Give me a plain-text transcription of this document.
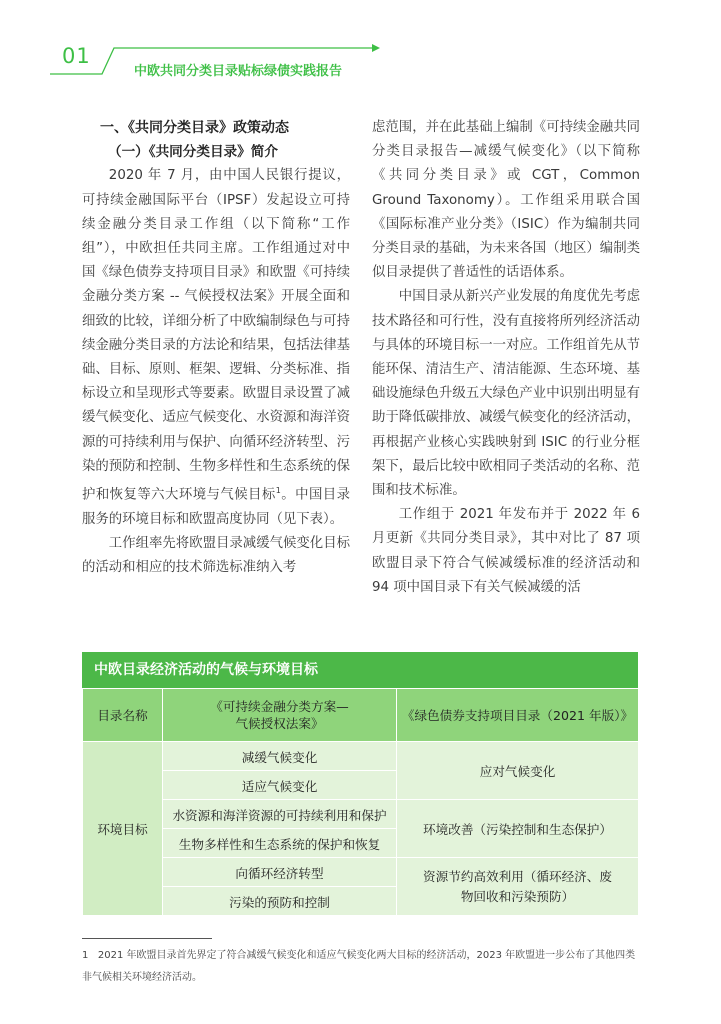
01
中欧共同分类目录贴标绿债实践报告

一、《共同分类目录》政策动态

（一）《共同分类目录》简介

2020 年 7 月，由中国人民银行提议，可持续金融国际平台（IPSF）发起设立可持续金融分类目录工作组（以下简称“工作组”），中欧担任共同主席。工作组通过对中国《绿色债券支持项目目录》和欧盟《可持续金融分类方案 -- 气候授权法案》开展全面和细致的比较，详细分析了中欧编制绿色与可持续金融分类目录的方法论和结果，包括法律基础、目标、原则、框架、逻辑、分类标准、指标设立和呈现形式等要素。欧盟目录设置了减缓气候变化、适应气候变化、水资源和海洋资源的可持续利用与保护、向循环经济转型、污染的预防和控制、生物多样性和生态系统的保护和恢复等六大环境与气候目标$^1$。中国目录服务的环境目标和欧盟高度协同（见下表）。

工作组率先将欧盟目录减缓气候变化目标的活动和相应的技术筛选标准纳入考

虑范围，并在此基础上编制《可持续金融共同分类目录报告—减缓气候变化》（以下简称《共同分类目录》或 CGT，Common Ground Taxonomy）。工作组采用联合国《国际标准产业分类》（ISIC）作为编制共同分类目录的基础，为未来各国（地区）编制类似目录提供了普适性的话语体系。

中国目录从新兴产业发展的角度优先考虑技术路径和可行性，没有直接将所列经济活动与具体的环境目标一一对应。工作组首先从节能环保、清洁生产、清洁能源、生态环境、基础设施绿色升级五大绿色产业中识别出明显有助于降低碳排放、减缓气候变化的经济活动，再根据产业核心实践映射到 ISIC 的行业分框架下，最后比较中欧相同子类活动的名称、范围和技术标准。

工作组于 2021 年发布并于 2022 年 6 月更新《共同分类目录》，其中对比了 87 项欧盟目录下符合气候减缓标准的经济活动和 94 项中国目录下有关气候减缓的活

中欧目录经济活动的气候与环境目标
目录名称	《可持续金融分类方案—气候授权法案》	《绿色债券支持项目目录（2021 年版）》
环境目标	减缓气候变化	应对气候变化
	适应气候变化	
	水资源和海洋资源的可持续利用和保护	环境改善（污染控制和生态保护）
	生物多样性和生态系统的保护和恢复	
	向循环经济转型	资源节约高效利用（循环经济、废物回收和污染预防）

	污染的预防和控制	
1 2021 年欧盟目录首先界定了符合减缓气候变化和适应气候变化两大目标的经济活动，2023 年欧盟进一步公布了其他四类非气候相关环境经济活动。
